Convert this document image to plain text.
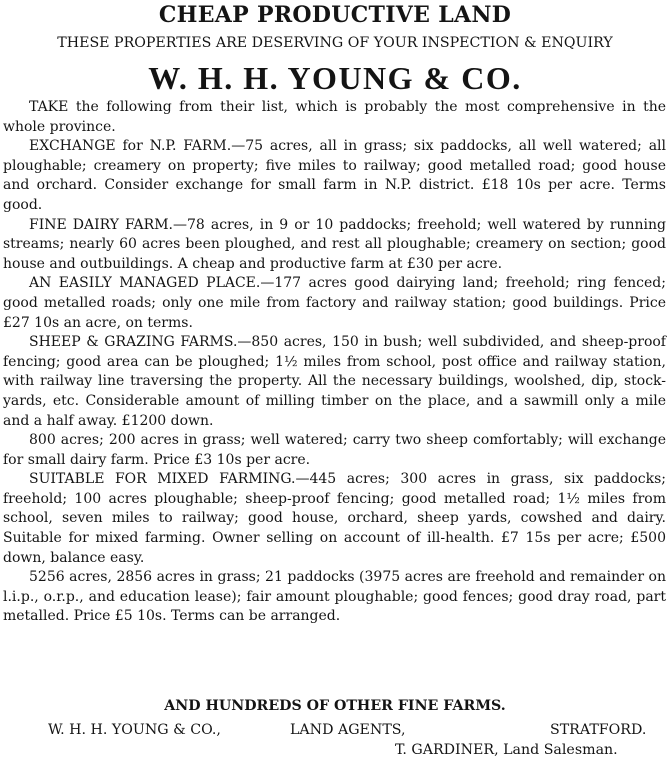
CHEAP PRODUCTIVE LAND
THESE PROPERTIES ARE DESERVING OF YOUR INSPECTION & ENQUIRY
W. H. H. YOUNG & CO.

TAKE the following from their list, which is probably the most comprehensive in the whole province.

EXCHANGE for N.P. FARM.—75 acres, all in grass; six paddocks, all well watered; all ploughable; creamery on property; five miles to railway; good metalled road; good house and orchard. Consider exchange for small farm in N.P. district. £18 10s per acre. Terms good.

FINE DAIRY FARM.—78 acres, in 9 or 10 paddocks; freehold; well watered by running streams; nearly 60 acres been ploughed, and rest all ploughable; creamery on section; good house and outbuildings. A cheap and productive farm at £30 per acre.

AN EASILY MANAGED PLACE.—177 acres good dairying land; freehold; ring fenced; good metalled roads; only one mile from factory and railway station; good buildings. Price £27 10s an acre, on terms.

SHEEP & GRAZING FARMS.—850 acres, 150 in bush; well subdivided, and sheep-proof fencing; good area can be ploughed; 1½ miles from school, post office and railway station, with railway line traversing the property. All the necessary buildings, woolshed, dip, stock-yards, etc. Considerable amount of milling timber on the place, and a sawmill only a mile and a half away. £1200 down.

800 acres; 200 acres in grass; well watered; carry two sheep comfortably; will exchange for small dairy farm. Price £3 10s per acre.

SUITABLE FOR MIXED FARMING.—445 acres; 300 acres in grass, six paddocks; freehold; 100 acres ploughable; sheep-proof fencing; good metalled road; 1½ miles from school, seven miles to railway; good house, orchard, sheep yards, cowshed and dairy. Suitable for mixed farming. Owner selling on account of ill-health. £7 15s per acre; £500 down, balance easy.

5256 acres, 2856 acres in grass; 21 paddocks (3975 acres are freehold and remainder on l.i.p., o.r.p., and education lease); fair amount ploughable; good fences; good dray road, part metalled. Price £5 10s. Terms can be arranged.

AND HUNDREDS OF OTHER FINE FARMS.
W. H. H. YOUNG & CO.,	LAND AGENTS,	STRATFORD.
T. GARDINER, Land Salesman.
